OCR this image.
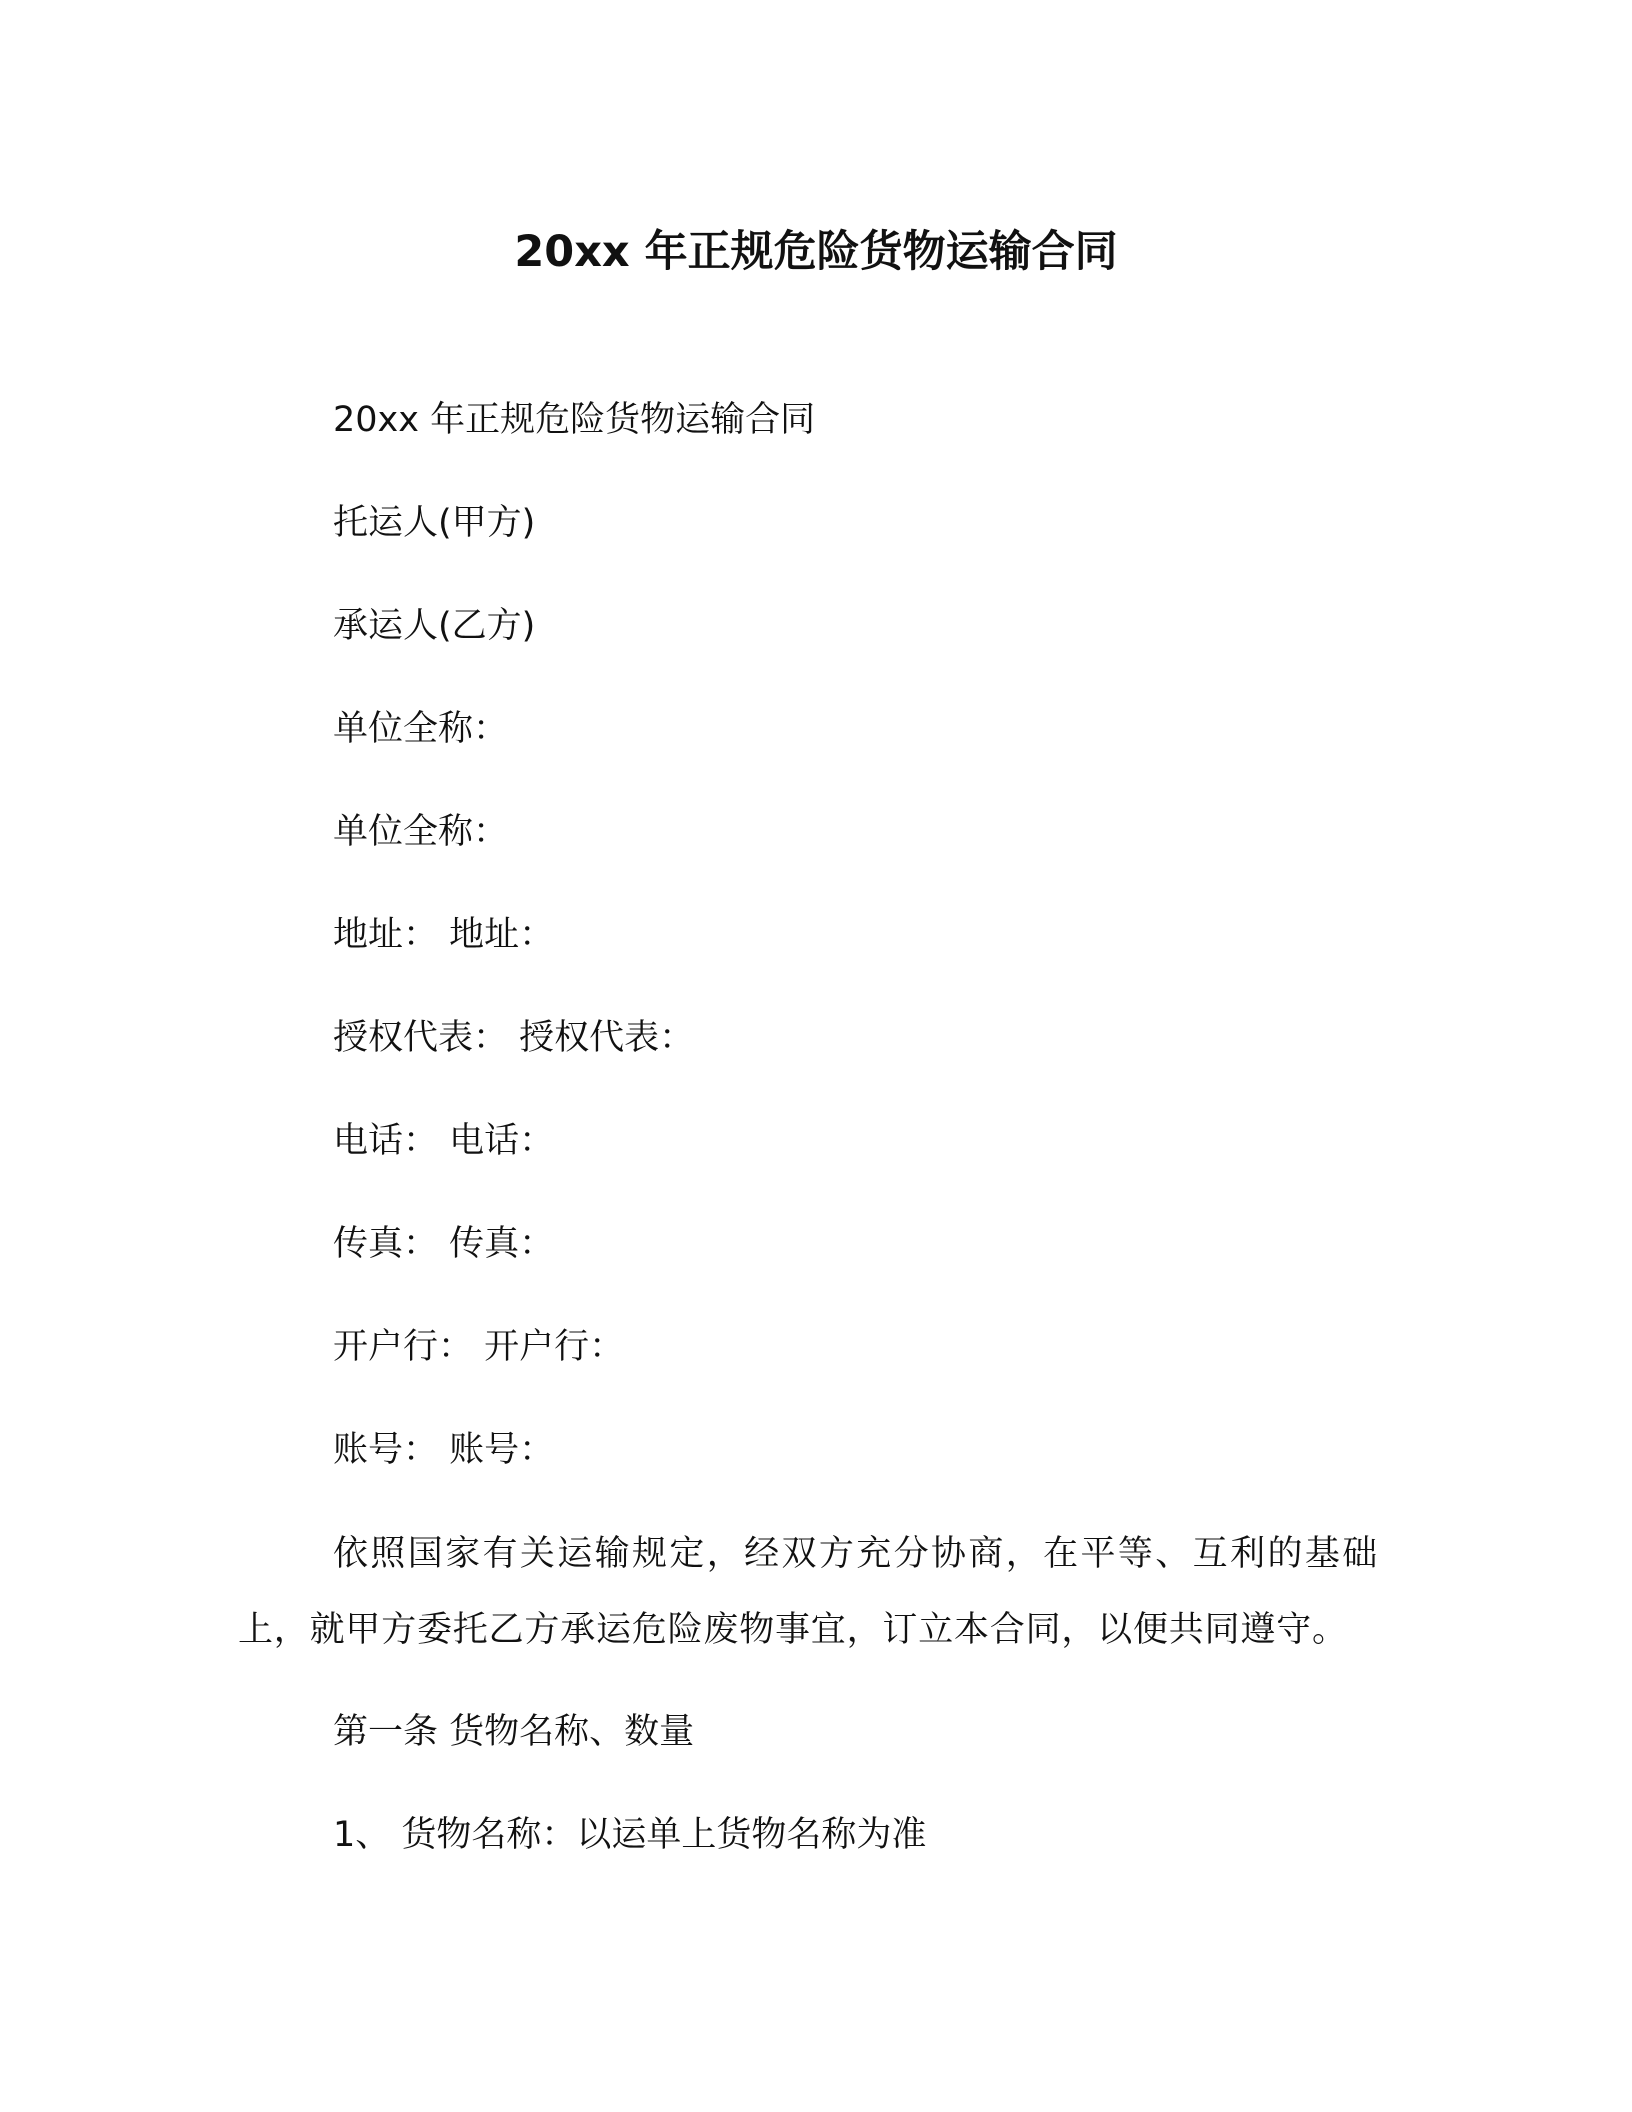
20xx 年正规危险货物运输合同
20xx 年正规危险货物运输合同
托运人(甲方)
承运人(乙方)
单位全称：
单位全称：
地址： 地址：
授权代表： 授权代表：
电话： 电话：
传真： 传真：
开户行： 开户行：
账号： 账号：
依照国家有关运输规定，经双方充分协商，在平等、互利的基础上，就甲方委托乙方承运危险废物事宜，订立本合同，以便共同遵守。
第一条 货物名称、数量
1、 货物名称：以运单上货物名称为准
